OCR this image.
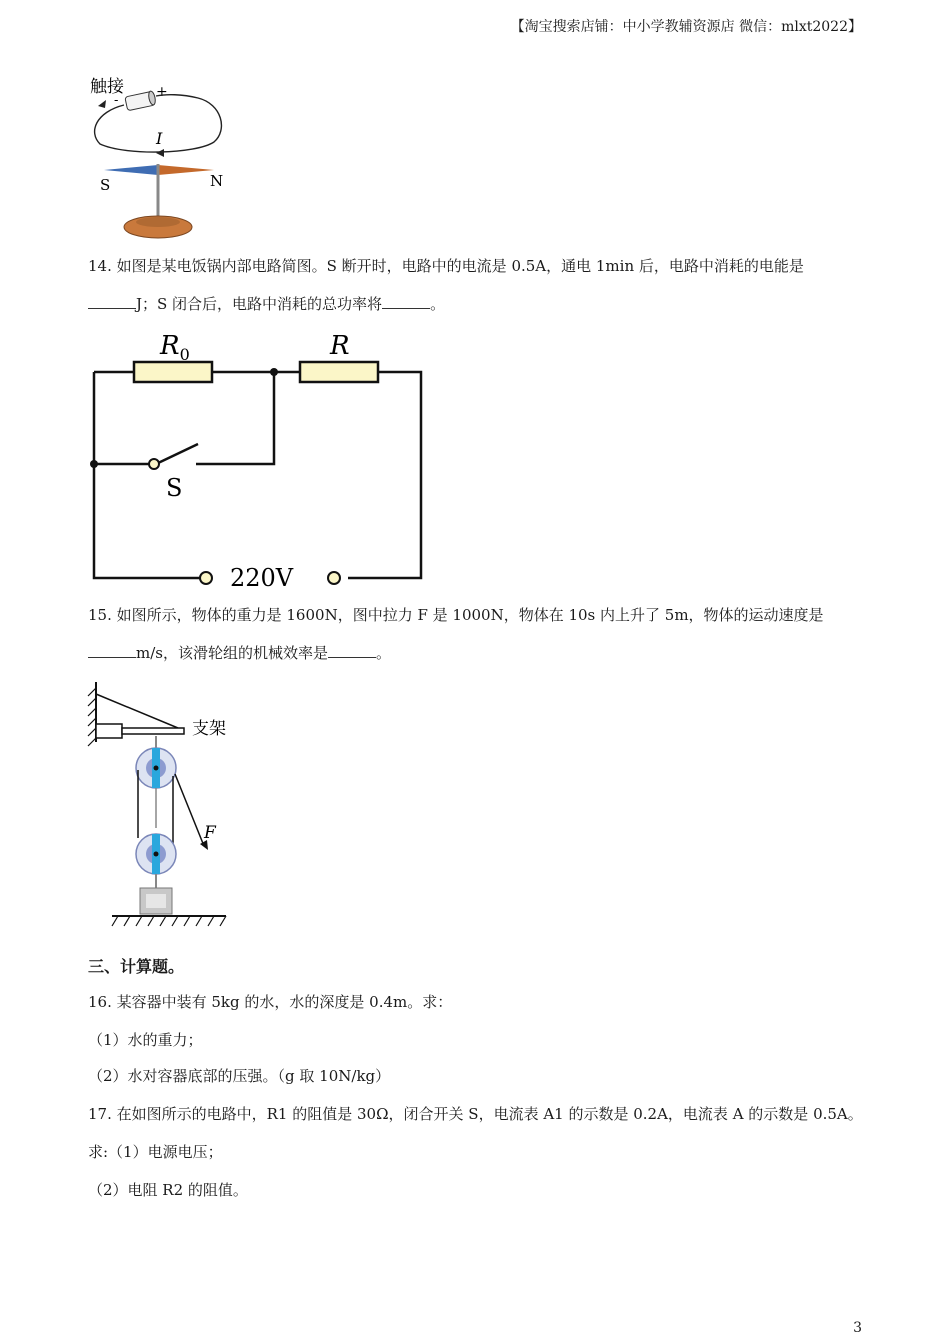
【淘宝搜索店铺：中小学教辅资源店 微信：mlxt2022】
触接 +
-
I
S	N
14. 如图是某电饭锅内部电路简图。S 断开时，电路中的电流是 0.5A，通电 1min 后，电路中消耗的电能是
J；S 闭合后，电路中消耗的总功率将	。
$R_0$	R
S
220V
15. 如图所示，物体的重力是 1600N，图中拉力 F 是 1000N，物体在 10s 内上升了 5m，物体的运动速度是
m/s，该滑轮组的机械效率是	。
支架
F
三、计算题。
16. 某容器中装有 5kg 的水，水的深度是 0.4m。求：
（1）水的重力；
（2）水对容器底部的压强。（g 取 10N/kg）
17. 在如图所示的电路中，R1 的阻值是 30Ω，闭合开关 S，电流表 A1 的示数是 0.2A，电流表 A 的示数是 0.5A。
求:（1）电源电压；
（2）电阻 R2 的阻值。
3
